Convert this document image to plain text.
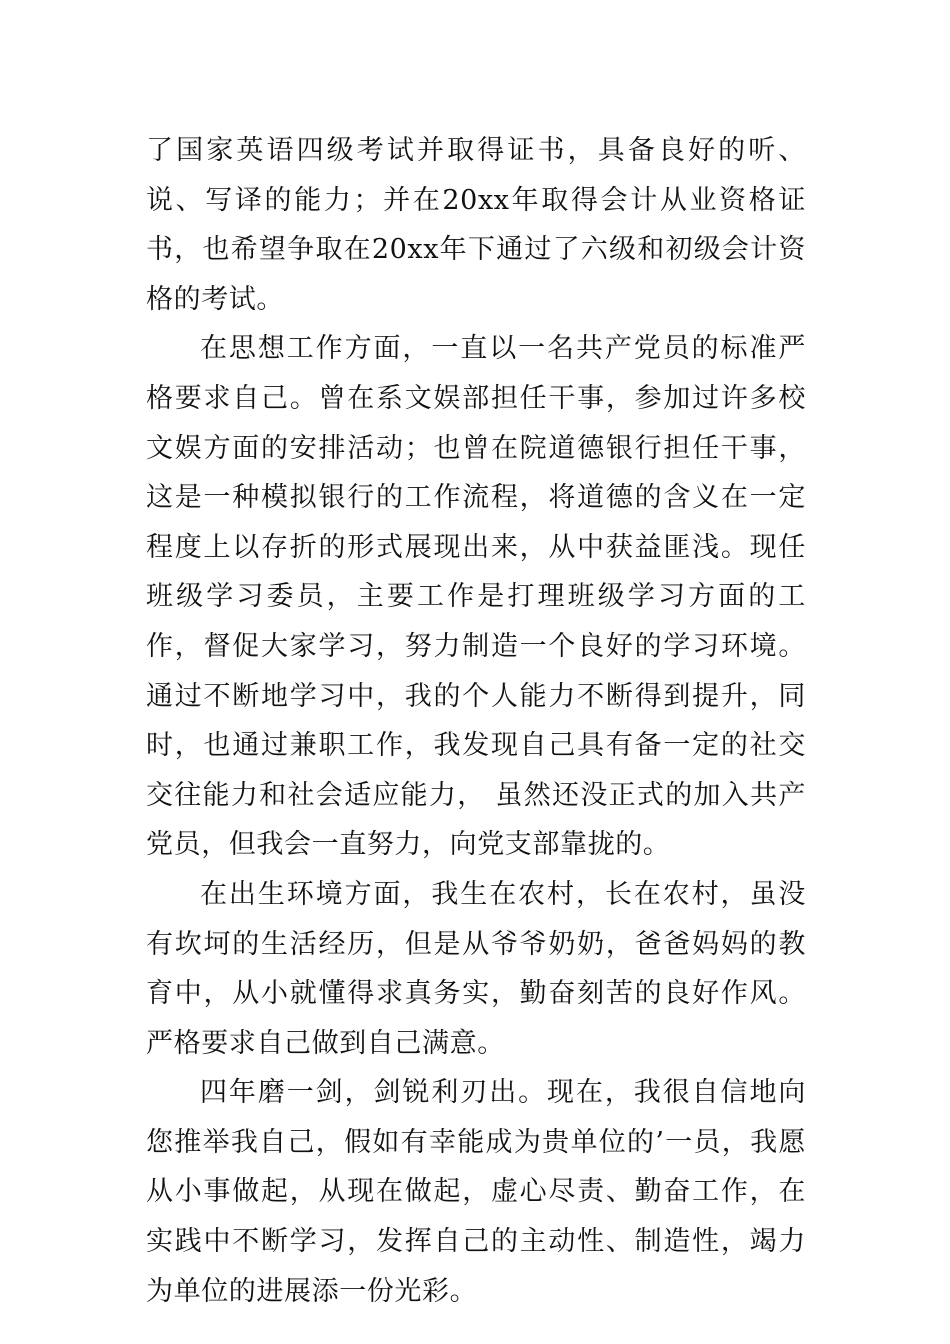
了国家英语四级考试并取得证书，具备良好的听、说、写译的能力；并在20xx年取得会计从业资格证书，也希望争取在20xx年下通过了六级和初级会计资格的考试。

在思想工作方面，一直以一名共产党员的标准严格要求自己。曾在系文娱部担任干事，参加过许多校文娱方面的安排活动；也曾在院道德银行担任干事，这是一种模拟银行的工作流程，将道德的含义在一定程度上以存折的形式展现出来，从中获益匪浅。现任班级学习委员，主要工作是打理班级学习方面的工作，督促大家学习，努力制造一个良好的学习环境。通过不断地学习中，我的个人能力不断得到提升，同时，也通过兼职工作，我发现自己具有备一定的社交交往能力和社会适应能力， 虽然还没正式的加入共产党员，但我会一直努力，向党支部靠拢的。

在出生环境方面，我生在农村，长在农村，虽没有坎坷的生活经历，但是从爷爷奶奶，爸爸妈妈的教育中，从小就懂得求真务实，勤奋刻苦的良好作风。严格要求自己做到自己满意。

四年磨一剑，剑锐利刃出。现在，我很自信地向您推举我自己，假如有幸能成为贵单位的’一员，我愿从小事做起，从现在做起，虚心尽责、勤奋工作，在实践中不断学习，发挥自己的主动性、制造性，竭力为单位的进展添一份光彩。
